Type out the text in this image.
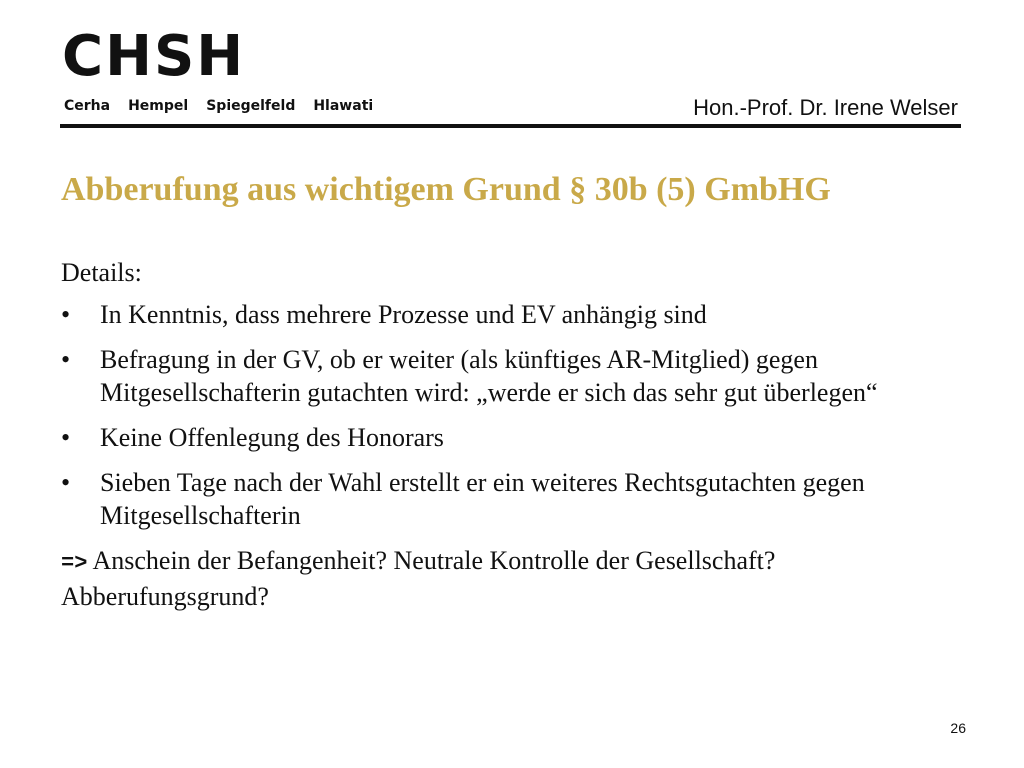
CHSH
Cerha Hempel Spiegelfeld Hlawati	Hon.-Prof. Dr. Irene Welser
Abberufung aus wichtigem Grund § 30b (5) GmbHG

Details:

• In Kenntnis, dass mehrere Prozesse und EV anhängig sind
• Befragung in der GV, ob er weiter (als künftiges AR-Mitglied) gegen Mitgesellschafterin gutachten wird: „werde er sich das sehr gut überlegen“
• Keine Offenlegung des Honorars
• Sieben Tage nach der Wahl erstellt er ein weiteres Rechtsgutachten gegen Mitgesellschafterin

=> Anschein der Befangenheit? Neutrale Kontrolle der Gesellschaft? Abberufungsgrund?

26
